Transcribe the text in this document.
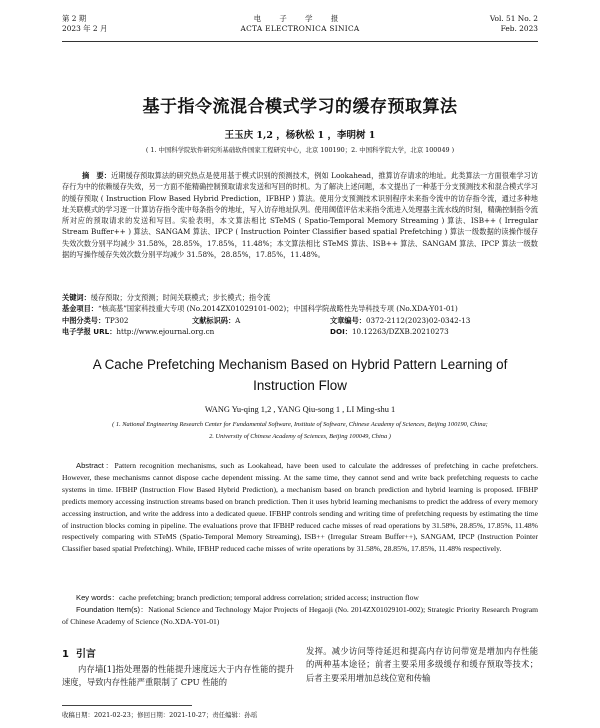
第 2 期
2023 年 2 月
电 子 学 报
ACTA ELECTRONICA SINICA
Vol. 51 No. 2
Feb. 2023
基于指令流混合模式学习的缓存预取算法
王玉庆 1,2 ，杨秋松 1 ，李明树 1
( 1. 中国科学院软件研究所基础软件国家工程研究中心，北京 100190；2. 中国科学院大学，北京 100049 )
摘　要：近期缓存预取算法的研究热点是使用基于模式识别的预测技术，例如 Lookahead，推算访存请求的地址。此类算法一方面很难学习访存行为中的依赖缓存失效，另一方面不能精确控制预取请求发送和写回的时机。为了解决上述问题，本文提出了一种基于分支预测技术和混合模式学习的缓存预取 ( Instruction Flow Based Hybrid Prediction，IFBHP ) 算法。使用分支预测技术识别程序未来指令流中的访存指令流，通过多种地址关联模式的学习逐一计算访存指令流中每条指令的地址，写入访存地址队列。使用阈值评估未来指令流进入处理器主流水线的时刻，精确控制指令流所对应的预取请求的发送和写回。实验表明，本文算法相比 STeMS ( Spatio-Temporal Memory Streaming ) 算法、ISB++ ( Irregular Stream Buffer++ ) 算法、SANGAM 算法、IPCP ( Instruction Pointer Classifier based spatial Prefetching ) 算法一级数据的读操作缓存失效次数分别平均减少 31.58%，28.85%，17.85%，11.48%；本文算法相比 STeMS 算法、ISB++ 算法、SANGAM 算法、IPCP 算法一级数据的写操作缓存失效次数分别平均减少 31.58%，28.85%，17.85%，11.48%。
关键词：缓存预取；分支预测；时间关联模式；步长模式；指令流
基金项目：“核高基”国家科技重大专项 (No.2014ZX01029101-002)；中国科学院战略性先导科技专项 (No.XDA-Y01-01)
中图分类号：TP302	文献标识码：A	文章编号：0372-2112(2023)02-0342-13
电子学报 URL：http://www.ejournal.org.cn	DOI：10.12263/DZXB.20210273
A Cache Prefetching Mechanism Based on Hybrid Pattern Learning of Instruction Flow
WANG Yu-qing 1,2 , YANG Qiu-song 1 , LI Ming-shu 1
( 1. National Engineering Research Center for Fundamental Software, Institute of Software, Chinese Academy of Sciences, Beijing 100190, China;
2. University of Chinese Academy of Sciences, Beijing 100049, China )
Abstract：Pattern recognition mechanisms, such as Lookahead, have been used to calculate the addresses of prefetching in cache prefetchers. However, these mechanisms cannot dispose cache dependent missing. At the same time, they cannot send and write back prefetching requests to cache systems in time. IFBHP (Instruction Flow Based Hybrid Prediction), a mechanism based on branch prediction and hybrid learning is proposed. IFBHP predicts memory accessing instruction streams based on branch prediction. Then it uses hybrid learning mechanisms to predict the address of every memory accessing instruction, and write the address into a dedicated queue. IFBHP controls sending and writing time of prefetching requests by estimating the time of instruction blocks coming in pipeline. The evaluations prove that IFBHP reduced cache misses of read operations by 31.58%, 28.85%, 17.85%, 11.48% respectively comparing with STeMS (Spatio-Temporal Memory Streaming), ISB++ (Irregular Stream Buffer++), SANGAM, IPCP (Instruction Pointer Classifier based spatial Prefetching). While, IFBHP reduced cache misses of write operations by 31.58%, 28.85%, 17.85%, 11.48% respectively.
Key words：cache prefetching; branch prediction; temporal address correlation; strided access; instruction flow
Foundation Item(s)：National Science and Technology Major Projects of Hegaoji (No. 2014ZX01029101-002); Strategic Priority Research Program of Chinese Academy of Science (No.XDA-Y01-01)
1 引言
内存墙[1]指处理器的性能提升速度远大于内存性能的提升速度，导致内存性能严重限制了 CPU 性能的
发挥。减少访问等待延迟和提高内存访问带宽是增加内存性能的两种基本途径；前者主要采用多级缓存和缓存预取等技术；后者主要采用增加总线位宽和传输
收稿日期：2021-02-23；修回日期：2021-10-27；责任编辑：孙瑶
